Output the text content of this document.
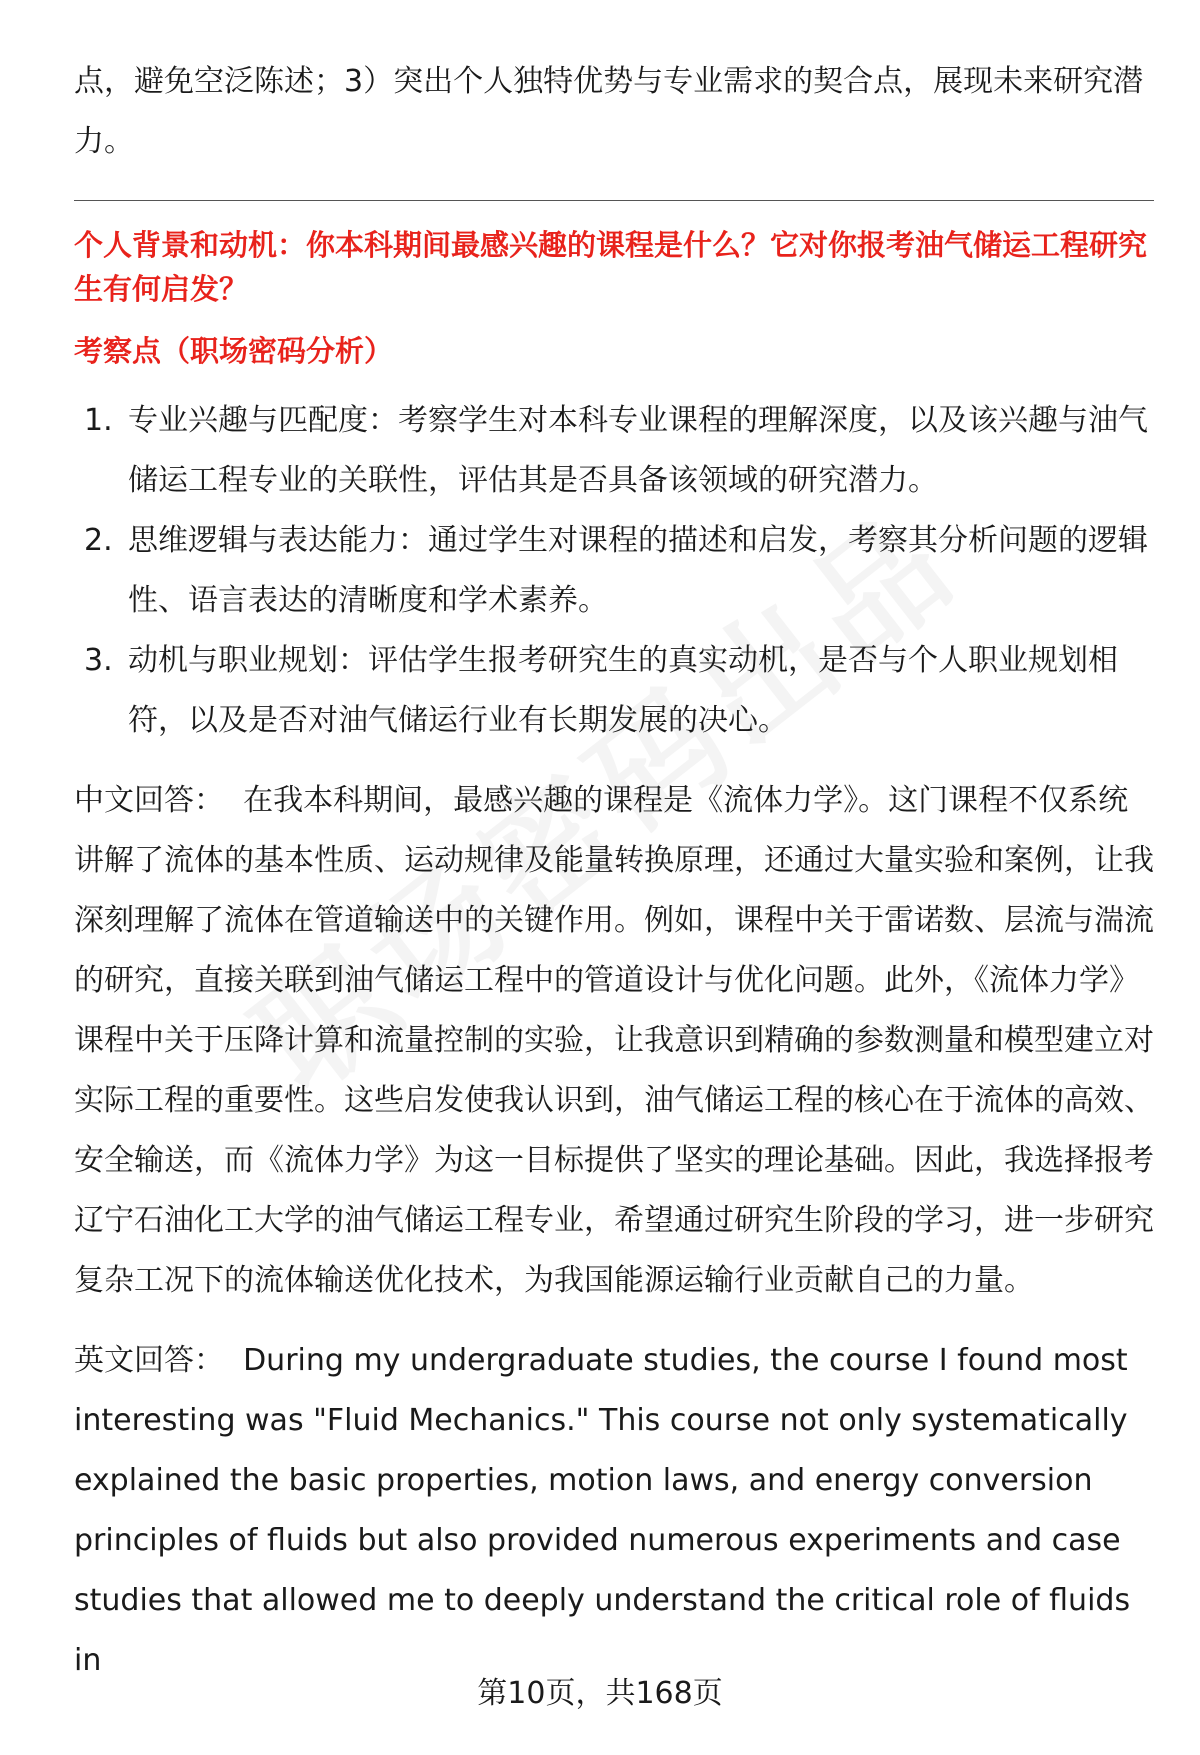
点，避免空泛陈述；3）突出个人独特优势与专业需求的契合点，展现未来研究潜力。

个人背景和动机：你本科期间最感兴趣的课程是什么？它对你报考油气储运工程研究生有何启发？

考察点（职场密码分析）

1. 专业兴趣与匹配度：考察学生对本科专业课程的理解深度，以及该兴趣与油气储运工程专业的关联性，评估其是否具备该领域的研究潜力。
2. 思维逻辑与表达能力：通过学生对课程的描述和启发，考察其分析问题的逻辑性、语言表达的清晰度和学术素养。
3. 动机与职业规划：评估学生报考研究生的真实动机，是否与个人职业规划相符，以及是否对油气储运行业有长期发展的决心。

中文回答： 在我本科期间，最感兴趣的课程是《流体力学》。这门课程不仅系统讲解了流体的基本性质、运动规律及能量转换原理，还通过大量实验和案例，让我深刻理解了流体在管道输送中的关键作用。例如，课程中关于雷诺数、层流与湍流的研究，直接关联到油气储运工程中的管道设计与优化问题。此外，《流体力学》课程中关于压降计算和流量控制的实验，让我意识到精确的参数测量和模型建立对实际工程的重要性。这些启发使我认识到，油气储运工程的核心在于流体的高效、安全输送，而《流体力学》为这一目标提供了坚实的理论基础。因此，我选择报考辽宁石油化工大学的油气储运工程专业，希望通过研究生阶段的学习，进一步研究复杂工况下的流体输送优化技术，为我国能源运输行业贡献自己的力量。

英文回答： During my undergraduate studies, the course I found most interesting was "Fluid Mechanics." This course not only systematically explained the basic properties, motion laws, and energy conversion principles of fluids but also provided numerous experiments and case studies that allowed me to deeply understand the critical role of fluids in

第10页，共168页
